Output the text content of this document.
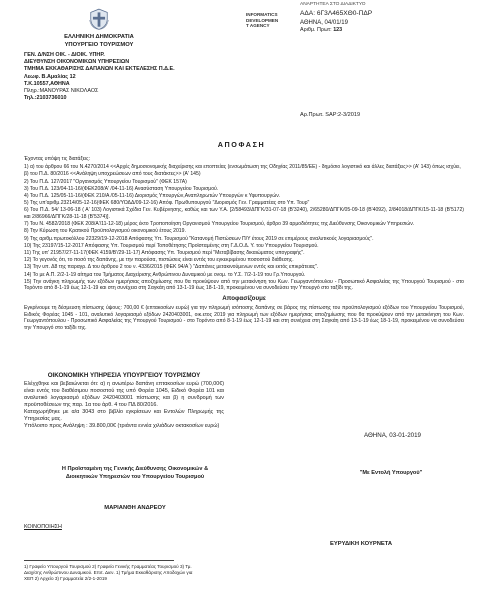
ΕΛΛΗΝΙΚΗ ΔΗΜΟΚΡΑΤΙΑ
ΥΠΟΥΡΓΕΙΟ ΤΟΥΡΙΣΜΟΥ
INFORMATICS
DEVELOPMEN
T AGENCY
ΑΝΑΡΤΗΤΕΑ ΣΤΟ ΔΙΑΔΙΚΤΥΟ
ΑΔΑ: 6Γ3Λ465ΧΘ0-ΠΔΡ
ΑΘΗΝΑ, 04/01/19
Αριθμ. Πρωτ: 123
ΓΕΝ. Δ/ΝΣΗ ΟΙΚ. - ΔΙΟΙΚ. ΥΠΗΡ.
ΔΙΕΥΘΥΝΣΗ ΟΙΚΟΝΟΜΙΚΩΝ ΥΠΗΡΕΣΙΩΝ
ΤΜΗΜΑ ΕΚΚΑΘΑΡΙΣΗΣ ΔΑΠΑΝΩΝ ΚΑΙ ΕΚΤΕΛΕΣΗΣ Π.Δ.Ε.
Λεωφ. Β.Αμαλίας 12
Τ.Κ.10557,ΑΘΗΝΑ
Πληρ.:ΜΑΝΟΥΡΑΣ ΝΙΚΟΛΑΟΣ
Τηλ.:2103736010
Αρ.Πρωτ. SAP:2-3/2019
ΑΠΟΦΑΣΗ

Έχοντας υπόψη τις διατάξεις:

1) α) του άρθρου 66 του Ν.4270/2014 <<Αρχές δημοσιονομικής διαχείρισης και εποπτείας (ενσωμάτωση της Οδηγίας 2011/85/ΕΕ) - δημόσιο λογιστικό και άλλες διατάξεις>> (Α' 143) όπως ισχύει,

β) του Π.Δ. 80/2016 <<Ανάληψη υποχρεώσεων από τους διατάκτες>> (Α' 145)

2) Του Π.Δ. 127/2017 "Οργανισμός Υπουργείου Τουρισμού" (ΦΕΚ 157Α)

3) Του Π.Δ. 123/04-11-16/(ΦΕΚ208/Α' /04-11-16) Ανασύσταση Υπουργείου Τουρισμού.

4) Του Π.Δ. 125/05-11-16/(ΦΕΚ 210/Α /05-11-16) Διορισμός Υπουργών,Αναπληρωτών Υπουργών κ Υφυπουργών.

5) Της υπ'αριθμ.23214/05-12-16(ΦΕΚ 680/ΥΟΔΔ/09-12-16) Απόφ. Πρωθυπουργού "Διορισμός Γεν. Γραμματέας στο Υπ. Τουρ"

6) Του Π.Δ. 54/ 13-06-18 ( Α' 103) Λογιστικά Σχέδια Γεν. Κυβέρνησης, καθώς και των Υ.Α. [2/58493/ΔΠΓΚ/31-07-18 (Β'3240), 2/65280/ΔΠΓΚ/05-09-18 (Β'4092), 2/84018/ΔΠΓΚ/15-11-18 (Β'5172) και 2/86966/ΔΠΓΚ/28-11-18 (Β'5374)].

7) Του Ν. 4582/2018 (ΦΕΚ 208/Α'/11-12-18) μέρος έκτο Τροποποίηση Οργανισμού Υπουργείου Τουρισμού, άρθρο 39 αρμοδιότητες της Διεύθυνσης Οικονομικών Υπηρεσιών.

8) Την Κύρωση του Κρατικού Προϋπολογισμού οικονομικού έτους 2019.

9) Της αριθμ.πρωτοκόλλου 22329/19-12-2018 Απόφασης Υπ. Τουρισμού "Κατανομή Πιστώσεων Π/Υ έτους 2019 σε επιμέρους αναλυτικούς λογαριασμούς".

10) Της 23197/15-12-2017 Απόφασης Υπ. Τουρισμού περί Τοποθέτησης Προϊσταμένης στη Γ.Δ.Ο.Δ. Υ. του Υπουργείου Τουρισμού.

11) Της υπ' 21957/27-11-17(ΦΕΚ 4159/Β'/29-11-17) Απόφασης Υπ. Τουρισμού περί "Μεταβίβασης δικαιώματος υπογραφής".

12) Το γεγονός ότι, το ποσό της δαπάνης, με την παρούσα, πιστώσεις είναι εντός του εγκεκριμένου ποσοστού διάθεσης.

13) Την υπ. Δ8 της παραγρ. Δ του άρθρου 2 του ν. 4336/2015 (ΦΕΚ 94/Α΄) "Δαπάνες μετακινούμενων εντός και εκτός επικράτειας".

14) Το με Α.Π. 2/2-1-19 αίτημα του Τμήματος Διαχείρισης Ανθρώπινου Δυναμικού με ονομ. το Υ.Σ. 7/2-1-19 του Γρ.Υπουργού.

15) Την ανάγκη πληρωμής των εξόδων ημερήσιας αποζημίωσης που θα προκύψουν από την μετακίνηση του Κων. Γεωργαντόπουλου - Προσωπικό Ασφαλείας της Υπουργού Τουρισμού - στο Τορόντο από 8-1-19 έως 12-1-19 και στη συνέχεια στη Σαγκάη από 13-1-19 έως 18-1-19, προκειμένου να συνοδεύσει την Υπουργό στο ταξίδι της.

Αποφασίζουμε

Εγκρίνουμε τη δέσμευση πίστωσης ύψους: 700,00 € (επτακοσίων ευρώ) για την πληρωμή ισόποσης δαπάνης σε βάρος της πίστωσης του προϋπολογισμού εξόδων του Υπουργείου Τουρισμού, Ειδικός Φορέας 1045 - 101, αναλυτικό λογαριασμό εξόδων 2420403001, οικ.ετος 2019 για πληρωμή των εξόδων ημερήσιας αποζημίωσης που θα προκύψουν από την μετακίνηση του Κων. Γεωργαντόπουλου - Προσωπικό Ασφαλείας της Υπουργού Τουρισμού - στο Τορόντο από 8-1-19 έως 12-1-19 και στη συνέχεια στη Σαγκάη από 13-1-19 έως 18-1-19, προκειμένου να συνοδεύσει την Υπουργό στο ταξίδι της.

ΟΙΚΟΝΟΜΙΚΗ ΥΠΗΡΕΣΙΑ ΥΠΟΥΡΓΕΙΟΥ ΤΟΥΡΙΣΜΟΥ

Ελέγχθηκε και βεβαιώνεται ότι: α) η ανωτέρω δαπάνη επτακοσίων ευρώ (700,00€) είναι εντός του διαθέσιμου ποσοστού της υπό Φορέα 1045, Ειδικό Φορέα 101 και αναλυτικό λογαριασμό εξόδων 2420403001 πίστωσης και β) η συνδρομή των προϋποθέσεων της παρ. 1α του άρθ. 4 του ΠΔ 80/2016.

Καταχωρήθηκε με α/α 3043 στο βιβλίο εγκρίσεων και Εντολών Πληρωμής της Υπηρεσίας μας.

Υπόλοιπο προς Ανάληψη : 39.800,00€ (τριάντα εννέα χιλιάδων οκτακοσίων ευρώ)

ΑΘΗΝΑ, 03-01-2019
Η Προϊσταμένη της Γενικής Διεύθυνσης Οικονομικών &
Διοικητικών Υπηρεσιών του Υπουργείου Τουρισμού
"Με Εντολή Υπουργού"
ΜΑΡΙΑΝΘΗ ΑΝΔΡΕΟΥ
ΚΟΙΝΟΠΟΙΗΣΗ
ΕΥΡΥΔΙΚΗ ΚΟΥΡΝΕΤΑ
1) Γραφείο Υπουργού Τουρισμού 2) Γραφείο Γενικής Γραμματέας Τουρισμού 3) Τμ.
Διαχ/σης Ανθρώπινου Δυναμικού. Επιτ. Διεν. 1) Τμήμα Εκκαθάρισης Αποδοχών για
ΧΕΠ 2) Αρχείο 3) Γραμματεία 2/2-1-2019
